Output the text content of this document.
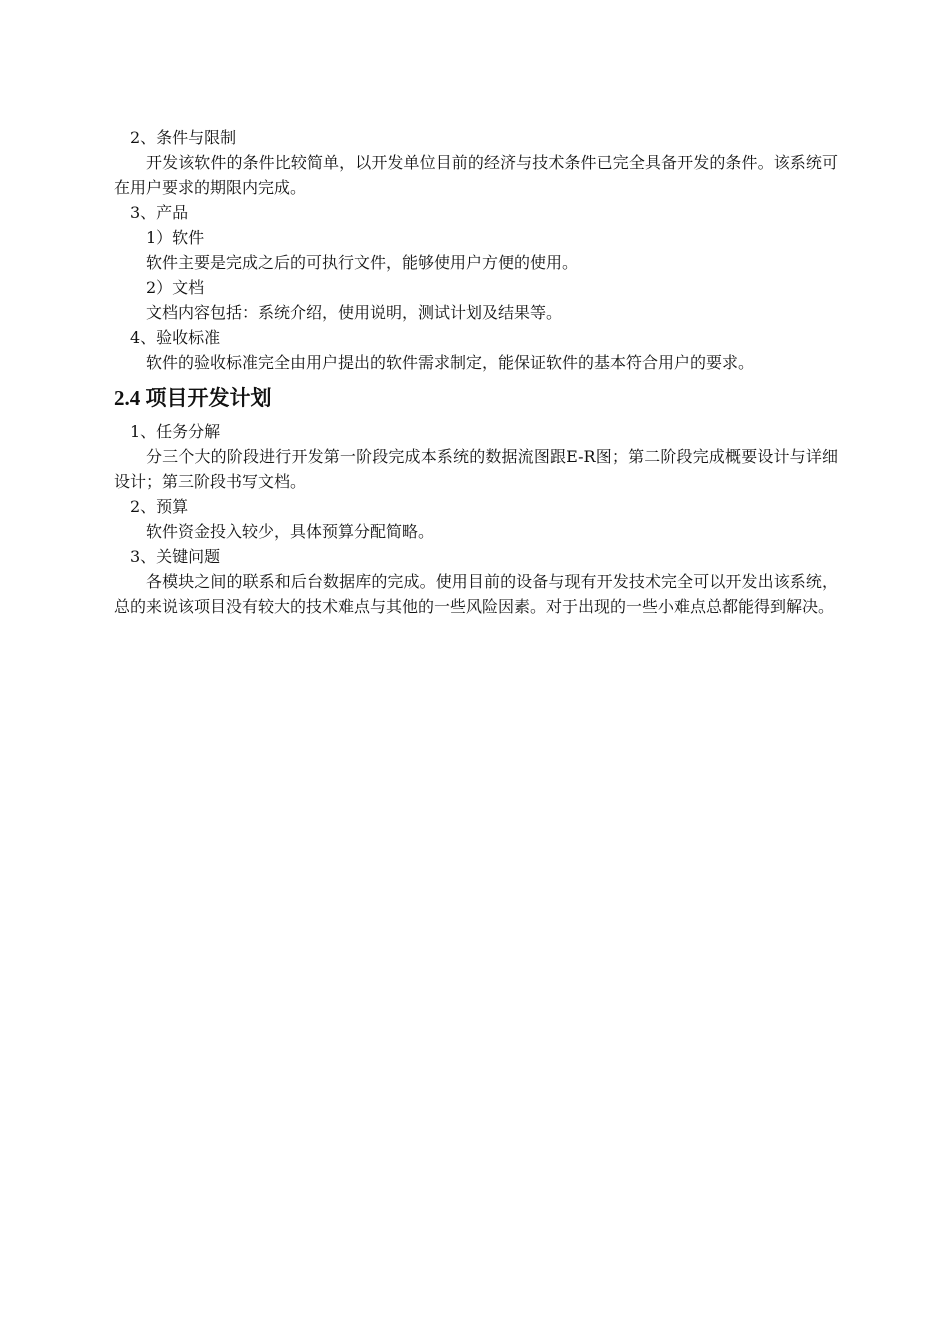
2、条件与限制

开发该软件的条件比较简单，以开发单位目前的经济与技术条件已完全具备开发的条件。该系统可在用户要求的期限内完成。

3、产品

1）软件

软件主要是完成之后的可执行文件，能够使用户方便的使用。

2）文档

文档内容包括：系统介绍，使用说明，测试计划及结果等。

4、验收标准

软件的验收标准完全由用户提出的软件需求制定，能保证软件的基本符合用户的要求。

2.4 项目开发计划

1、任务分解

分三个大的阶段进行开发第一阶段完成本系统的数据流图跟E-R图；第二阶段完成概要设计与详细设计；第三阶段书写文档。

2、预算

软件资金投入较少，具体预算分配简略。

3、关键问题

各模块之间的联系和后台数据库的完成。使用目前的设备与现有开发技术完全可以开发出该系统，总的来说该项目没有较大的技术难点与其他的一些风险因素。对于出现的一些小难点总都能得到解决。
